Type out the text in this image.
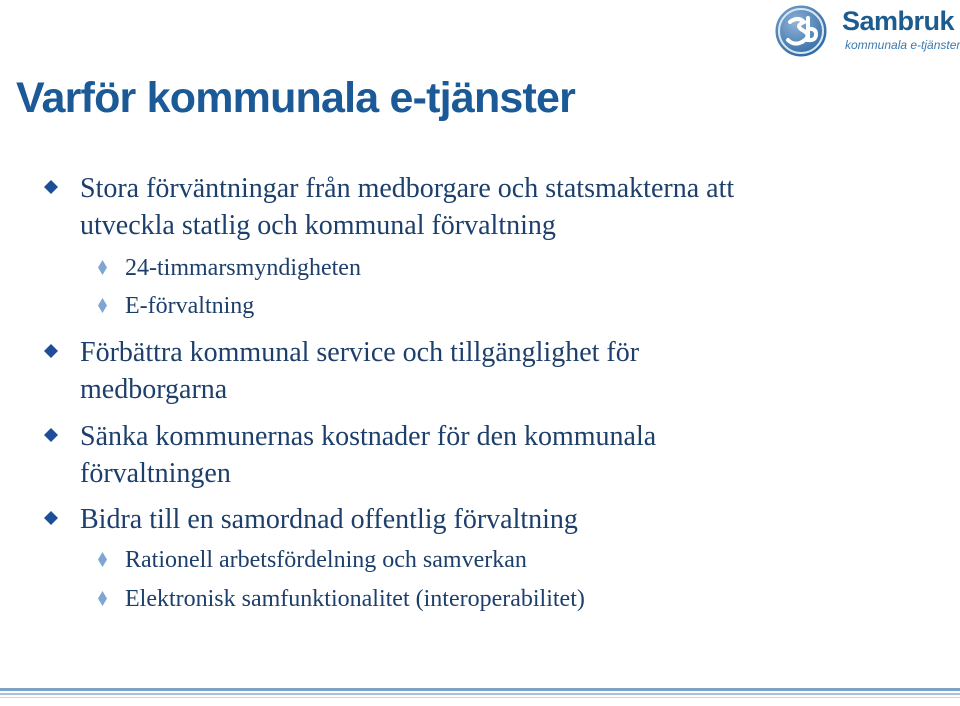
Sambruk
kommunala e-tjänster
Varför kommunala e-tjänster
Stora förväntningar från medborgare och statsmakterna att
utveckla statlig och kommunal förvaltning
24-timmarsmyndigheten
E-förvaltning
Förbättra kommunal service och tillgänglighet för
medborgarna
Sänka kommunernas kostnader för den kommunala
förvaltningen
Bidra till en samordnad offentlig förvaltning
Rationell arbetsfördelning och samverkan
Elektronisk samfunktionalitet (interoperabilitet)
